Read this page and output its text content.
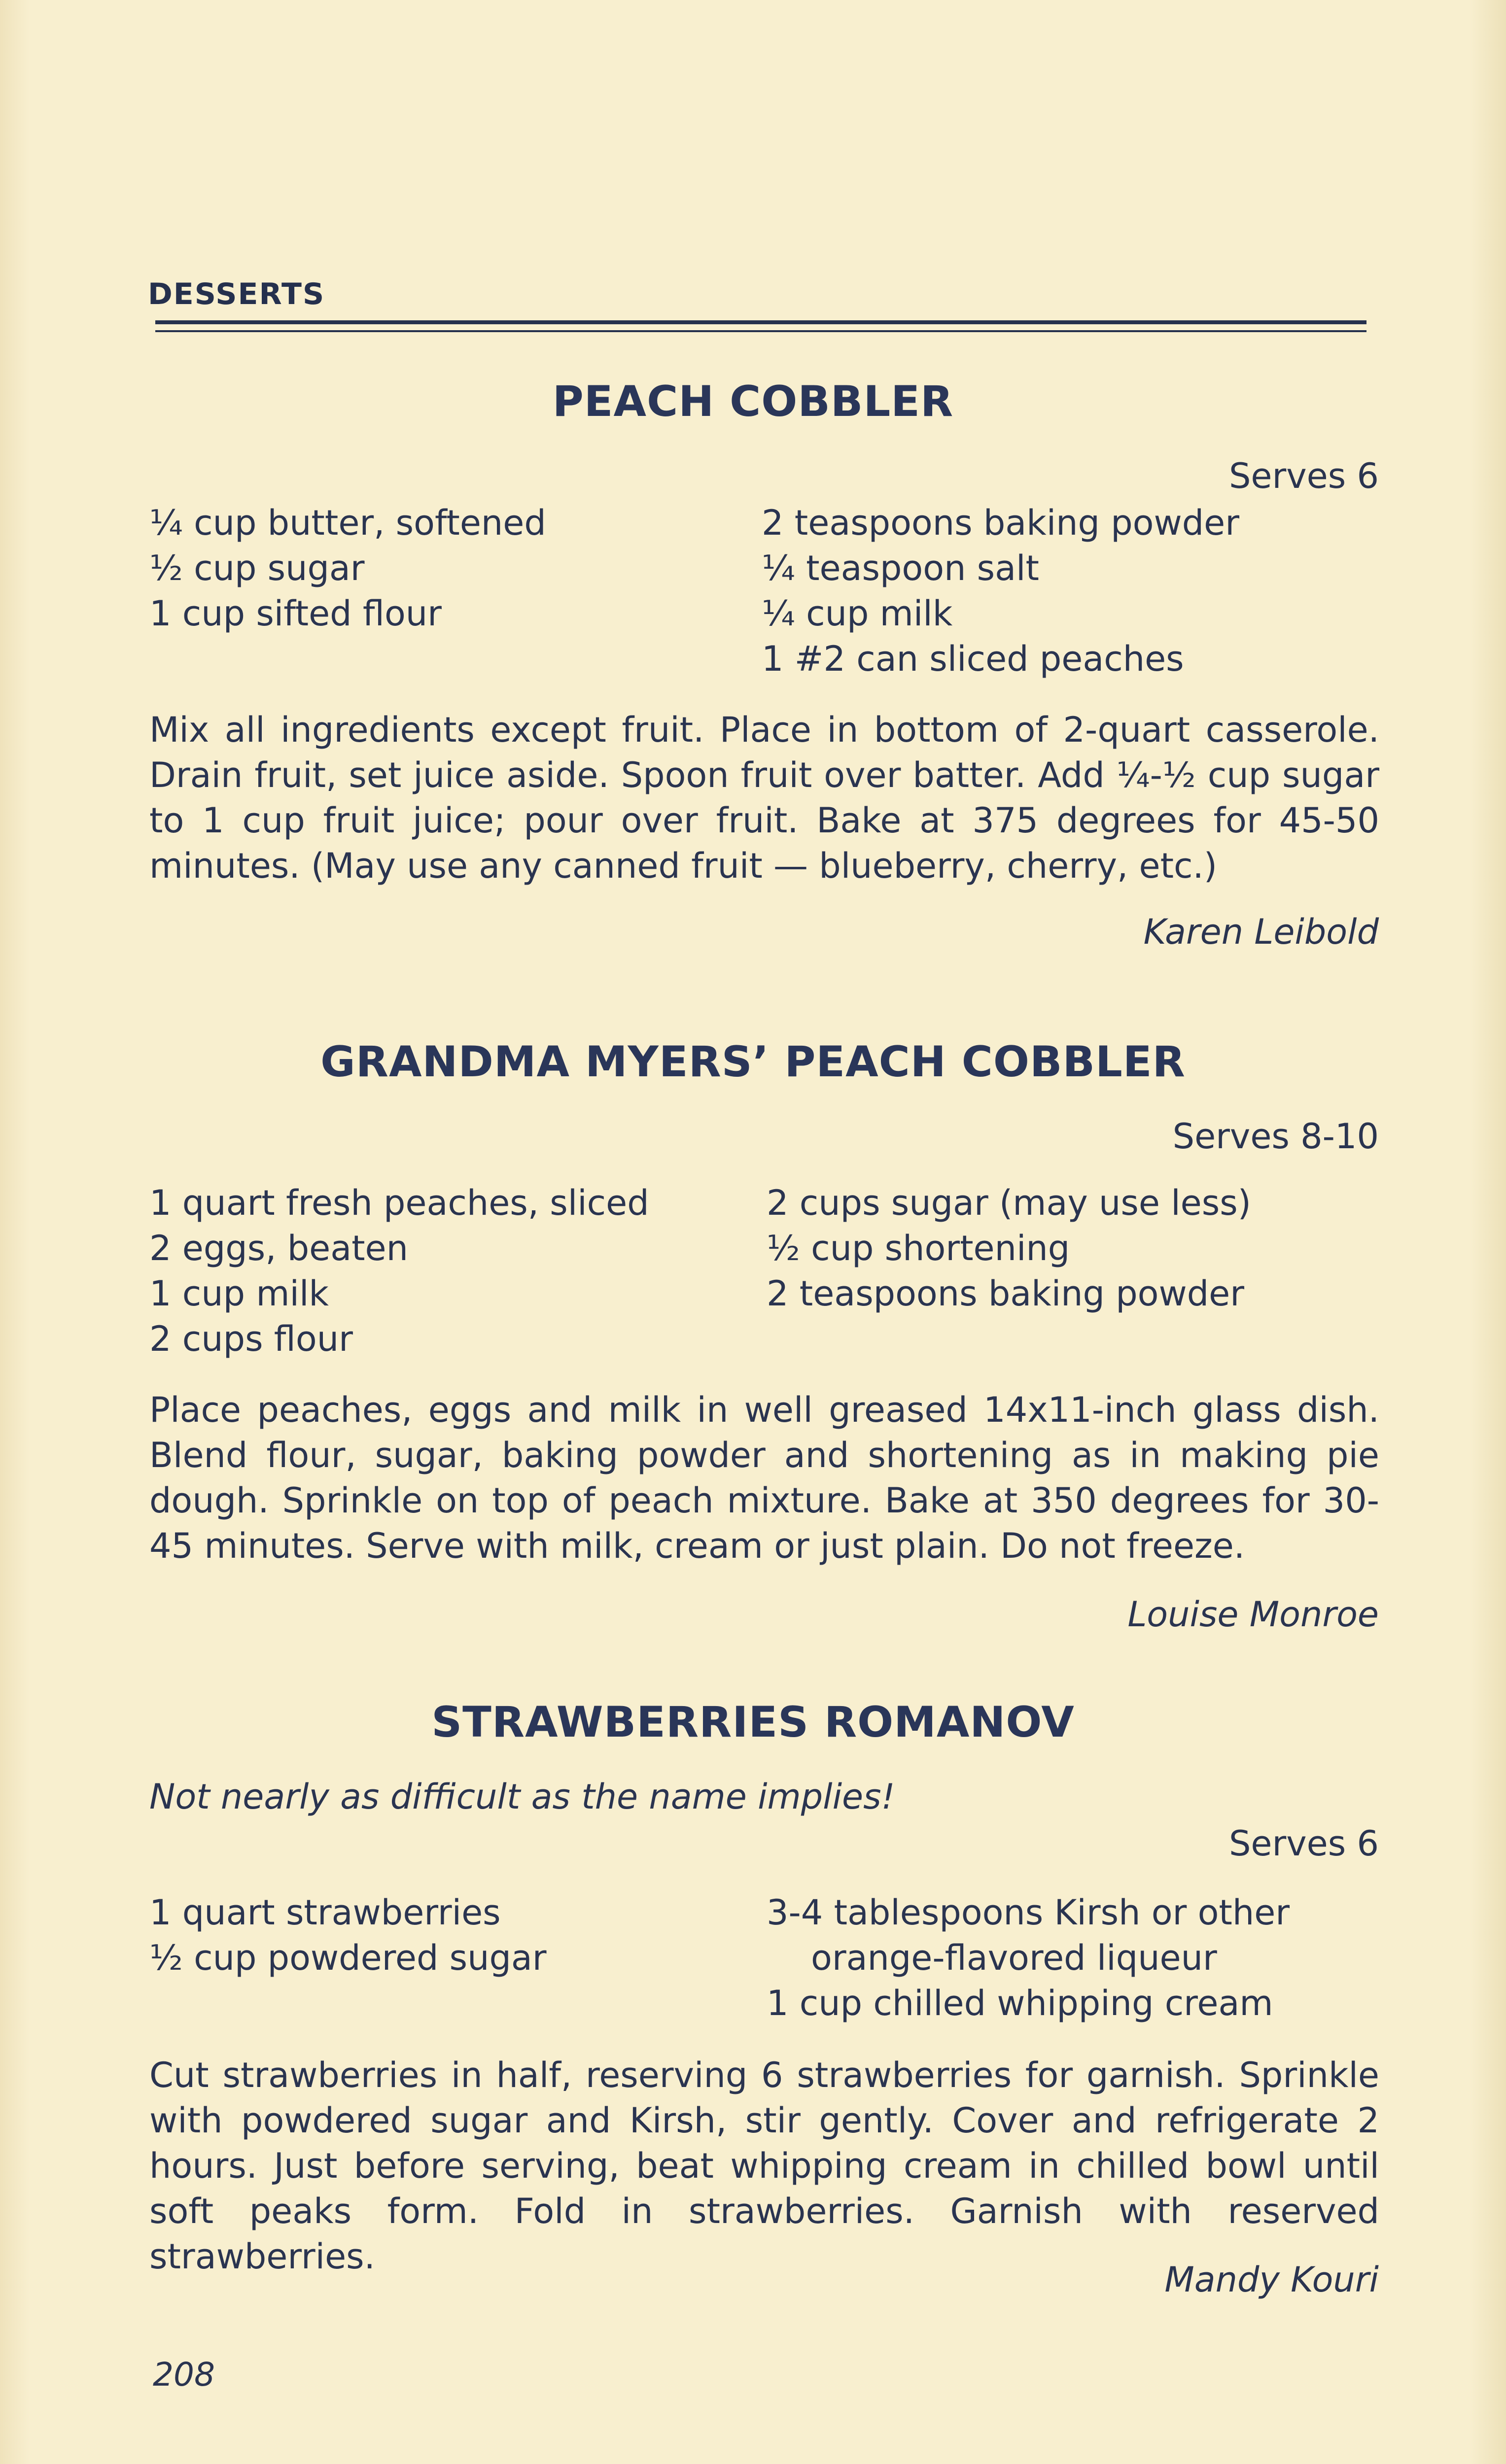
DESSERTS
PEACH COBBLER
Serves 6
¼ cup butter, softened
½ cup sugar
1 cup sifted flour
2 teaspoons baking powder
¼ teaspoon salt
¼ cup milk
1 #2 can sliced peaches

Mix all ingredients except fruit. Place in bottom of 2-quart casserole. Drain fruit, set juice aside. Spoon fruit over batter. Add ¼-½ cup sugar to 1 cup fruit juice; pour over fruit. Bake at 375 degrees for 45-50 minutes. (May use any canned fruit — blueberry, cherry, etc.)

Karen Leibold
GRANDMA MYERS’ PEACH COBBLER
Serves 8-10
1 quart fresh peaches, sliced
2 eggs, beaten
1 cup milk
2 cups flour
2 cups sugar (may use less)
½ cup shortening
2 teaspoons baking powder

Place peaches, eggs and milk in well greased 14x11-inch glass dish. Blend flour, sugar, baking powder and shortening as in making pie dough. Sprinkle on top of peach mixture. Bake at 350 degrees for 30-45 minutes. Serve with milk, cream or just plain. Do not freeze.

Louise Monroe
STRAWBERRIES ROMANOV
Not nearly as difficult as the name implies!
Serves 6
1 quart strawberries
½ cup powdered sugar
3-4 tablespoons Kirsh or other
orange-flavored liqueur
1 cup chilled whipping cream

Cut strawberries in half, reserving 6 strawberries for garnish. Sprinkle with powdered sugar and Kirsh, stir gently. Cover and refrigerate 2 hours. Just before serving, beat whipping cream in chilled bowl until soft peaks form. Fold in strawberries. Garnish with reserved strawberries.

Mandy Kouri
208
